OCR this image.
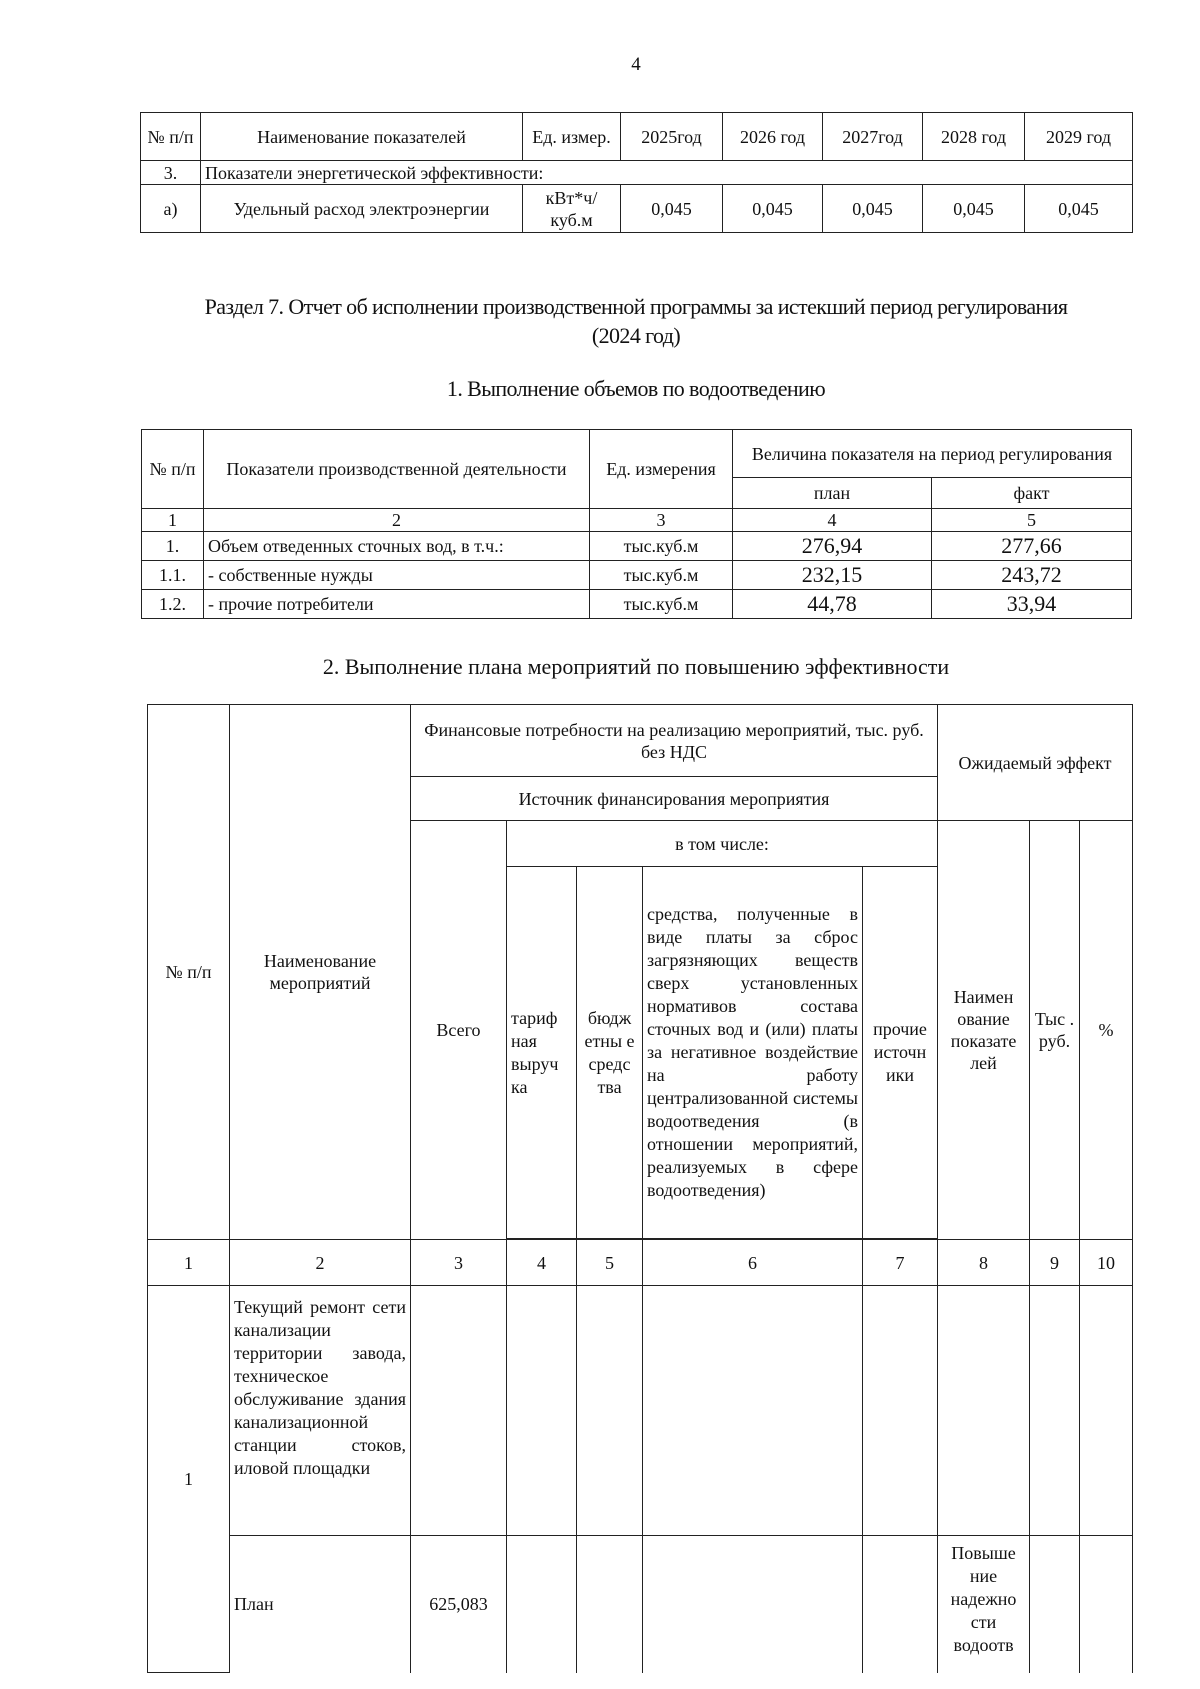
4
№ п/п	Наименование показателей	Ед. измер.	2025год	2026 год	2027год	2028 год	2029 год
3.	Показатели энергетической эффективности:						
а)	Удельный расход электроэнергии	кВт*ч/ куб.м	0,045	0,045	0,045	0,045	0,045
Раздел 7. Отчет об исполнении производственной программы за истекший период регулирования
(2024 год)
1. Выполнение объемов по водоотведению
№ п/п	Показатели производственной деятельности	Ед. измерения	Величина показателя на период регулирования	
			план	факт
1	2	3	4	5
1.	Объем отведенных сточных вод, в т.ч.:	тыс.куб.м	276,94	277,66
1.1.	- собственные нужды	тыс.куб.м	232,15	243,72
1.2.	- прочие потребители	тыс.куб.м	44,78	33,94
2. Выполнение плана мероприятий по повышению эффективности
№ п/п	Наименование мероприятий	Финансовые потребности на реализацию мероприятий, тыс. руб. без НДС					Ожидаемый эффект		
		Источник финансирования мероприятия							
		Всего	в том числе:				Наимен ование показате лей	Тыс . руб.	%
			тариф ная выруч ка	бюдж етны е средс тва	средства, полученные в виде платы за сброс загрязняющих веществ сверх установленных нормативов состава сточных вод и (или) платы за негативное воздействие на работу централизованной системы водоотведения (в отношении мероприятий, реализуемых в сфере водоотведения)	прочие источн ики			

1	2	3	4	5	6	7	8	9	10
1	Текущий ремонт сети канализации территории завода, техническое обслуживание здания канализационной станции стоков, иловой площадки								
	План	625,083					Повыше ние надежно сти водоотв		
